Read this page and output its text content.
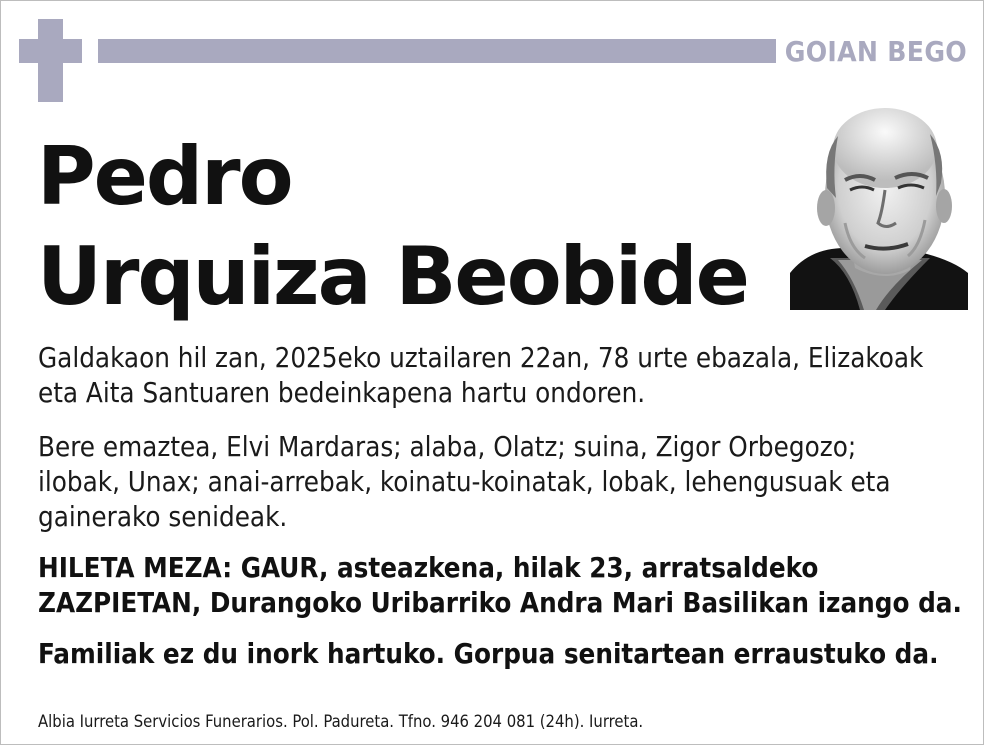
GOIAN BEGO
Pedro
Urquiza Beobide
Galdakaon hil zan, 2025eko uztailaren 22an, 78 urte ebazala, Elizakoak
eta Aita Santuaren bedeinkapena hartu ondoren.
Bere emaztea, Elvi Mardaras; alaba, Olatz; suina, Zigor Orbegozo;
ilobak, Unax; anai-arrebak, koinatu-koinatak, lobak, lehengusuak eta
gainerako senideak.
HILETA MEZA: GAUR, asteazkena, hilak 23, arratsaldeko
ZAZPIETAN, Durangoko Uribarriko Andra Mari Basilikan izango da.
Familiak ez du inork hartuko. Gorpua senitartean erraustuko da.
Albia Iurreta Servicios Funerarios. Pol. Padureta. Tfno. 946 204 081 (24h). Iurreta.
